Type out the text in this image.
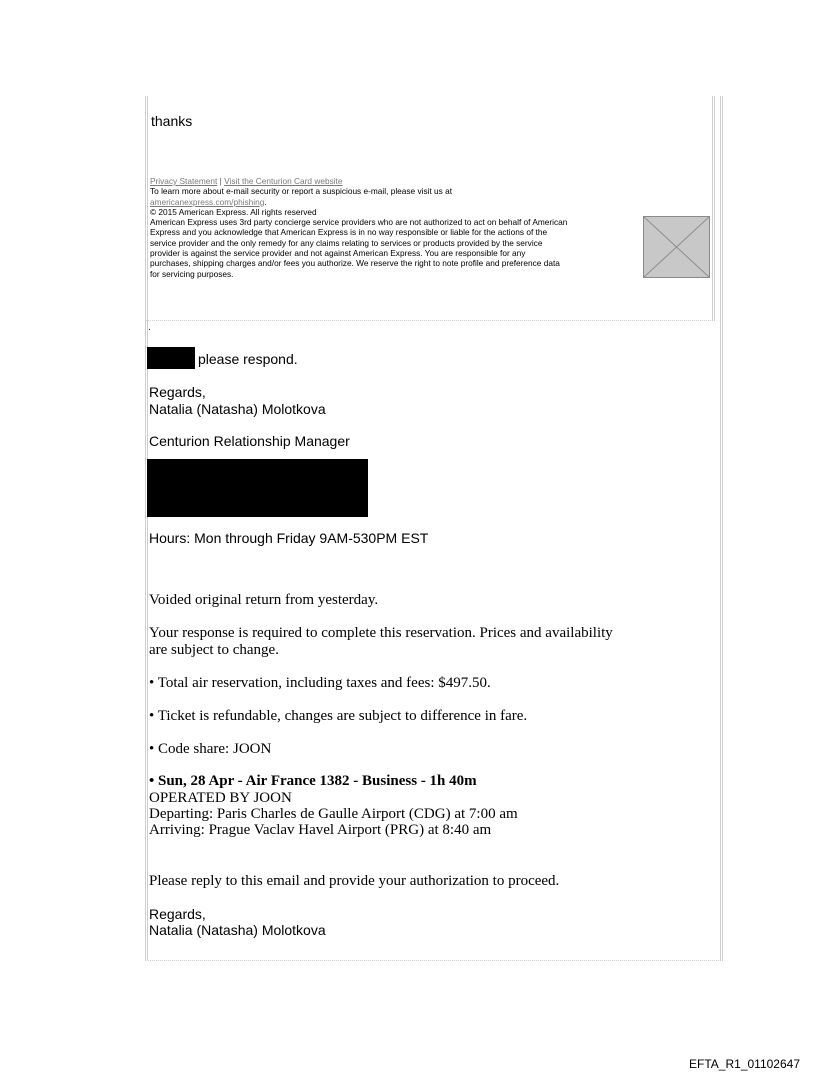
thanks
Privacy Statement | Visit the Centurion Card website
To learn more about e-mail security or report a suspicious e-mail, please visit us at
americanexpress.com/phishing.
© 2015 American Express. All rights reserved
American Express uses 3rd party concierge service providers who are not authorized to act on behalf of American
Express and you acknowledge that American Express is in no way responsible or liable for the actions of the
service provider and the only remedy for any claims relating to services or products provided by the service
provider is against the service provider and not against American Express. You are responsible for any
purchases, shipping charges and/or fees you authorize. We reserve the right to note profile and preference data
for servicing purposes.
.
please respond.
Regards,
Natalia (Natasha) Molotkova
Centurion Relationship Manager
Hours: Mon through Friday 9AM-530PM EST
Voided original return from yesterday.
Your response is required to complete this reservation. Prices and availability
are subject to change.
• Total air reservation, including taxes and fees: $497.50.
• Ticket is refundable, changes are subject to difference in fare.
• Code share: JOON
• Sun, 28 Apr - Air France 1382 - Business - 1h 40m
OPERATED BY JOON
Departing: Paris Charles de Gaulle Airport (CDG) at 7:00 am
Arriving: Prague Vaclav Havel Airport (PRG) at 8:40 am
Please reply to this email and provide your authorization to proceed.
Regards,
Natalia (Natasha) Molotkova
EFTA_R1_01102647
